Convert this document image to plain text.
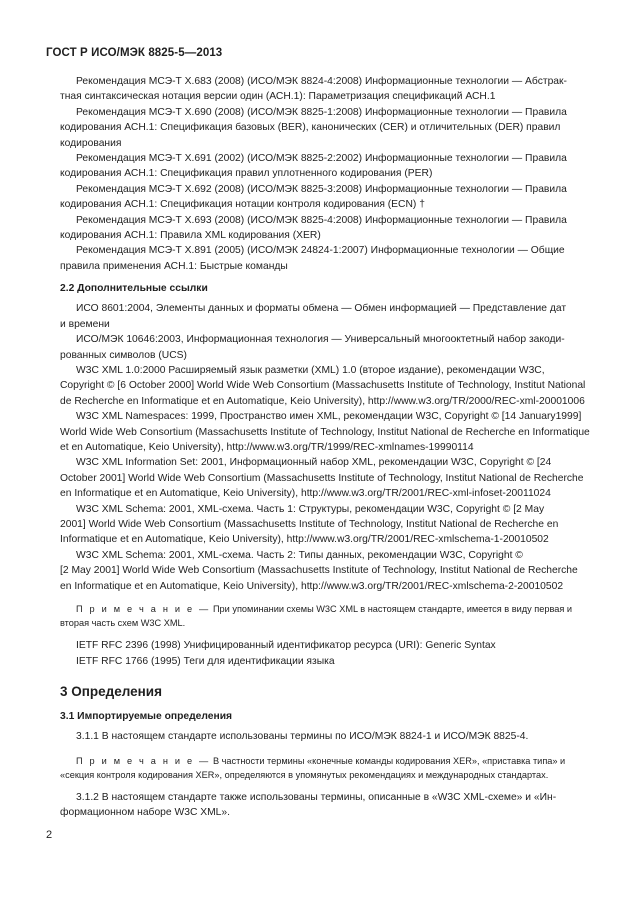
ГОСТ Р ИСО/МЭК 8825-5—2013
Рекомендация МСЭ-Т X.683 (2008) (ИСО/МЭК 8824-4:2008) Информационные технологии — Абстрак-
тная синтаксическая нотация версии один (АСН.1): Параметризация спецификаций АСН.1
Рекомендация МСЭ-Т X.690 (2008) (ИСО/МЭК 8825-1:2008) Информационные технологии — Правила
кодирования АСН.1: Спецификация базовых (BER), канонических (CER) и отличительных (DER) правил
кодирования
Рекомендация МСЭ-Т X.691 (2002) (ИСО/МЭК 8825-2:2002) Информационные технологии — Правила
кодирования АСН.1: Спецификация правил уплотненного кодирования (PER)
Рекомендация МСЭ-Т X.692 (2008) (ИСО/МЭК 8825-3:2008) Информационные технологии — Правила
кодирования АСН.1: Спецификация нотации контроля кодирования (ECN) †
Рекомендация МСЭ-Т X.693 (2008) (ИСО/МЭК 8825-4:2008) Информационные технологии — Правила
кодирования АСН.1: Правила XML кодирования (XER)
Рекомендация МСЭ-Т X.891 (2005) (ИСО/МЭК 24824-1:2007) Информационные технологии — Общие
правила применения АСН.1: Быстрые команды
2.2 Дополнительные ссылки
ИСО 8601:2004, Элементы данных и форматы обмена — Обмен информацией — Представление дат
и времени
ИСО/МЭК 10646:2003, Информационная технология — Универсальный многооктетный набор закоди-
рованных символов (UCS)
W3C XML 1.0:2000 Расширяемый язык разметки (XML) 1.0 (второе издание), рекомендации W3C,
Copyright © [6 October 2000] World Wide Web Consortium (Massachusetts Institute of Technology, Institut National
de Recherche en Informatique et en Automatique, Keio University), http://www.w3.org/TR/2000/REC-xml-20001006
W3C XML Namespaces: 1999, Пространство имен XML, рекомендации W3C, Copyright © [14 January1999]
World Wide Web Consortium (Massachusetts Institute of Technology, Institut National de Recherche en Informatique
et en Automatique, Keio University), http://www.w3.org/TR/1999/REC-xmlnames-19990114
W3C XML Information Set: 2001, Информационный набор XML, рекомендации W3C, Copyright © [24
October 2001] World Wide Web Consortium (Massachusetts Institute of Technology, Institut National de Recherche
en Informatique et en Automatique, Keio University), http://www.w3.org/TR/2001/REC-xml-infoset-20011024
W3C XML Schema: 2001, XML-схема. Часть 1: Структуры, рекомендации W3C, Copyright © [2 May
2001] World Wide Web Consortium (Massachusetts Institute of Technology, Institut National de Recherche en
Informatique et en Automatique, Keio University), http://www.w3.org/TR/2001/REC-xmlschema-1-20010502
W3C XML Schema: 2001, XML-схема. Часть 2: Типы данных, рекомендации W3C, Copyright ©
[2 May 2001] World Wide Web Consortium (Massachusetts Institute of Technology, Institut National de Recherche
en Informatique et en Automatique, Keio University), http://www.w3.org/TR/2001/REC-xmlschema-2-20010502
П р и м е ч а н и е — При упоминании схемы W3C XML в настоящем стандарте, имеется в виду первая и
вторая часть схем W3C XML.
IETF RFC 2396 (1998) Унифицированный идентификатор ресурса (URI): Generic Syntax
IETF RFC 1766 (1995) Теги для идентификации языка
3 Определения
3.1 Импортируемые определения
3.1.1 В настоящем стандарте использованы термины по ИСО/МЭК 8824-1 и ИСО/МЭК 8825-4.
П р и м е ч а н и е — В частности термины «конечные команды кодирования XER», «приставка типа» и
«секция контроля кодирования XER», определяются в упомянутых рекомендациях и международных стандартах.
3.1.2 В настоящем стандарте также использованы термины, описанные в «W3C XML-схеме» и «Ин-
формационном наборе W3C XML».
2
